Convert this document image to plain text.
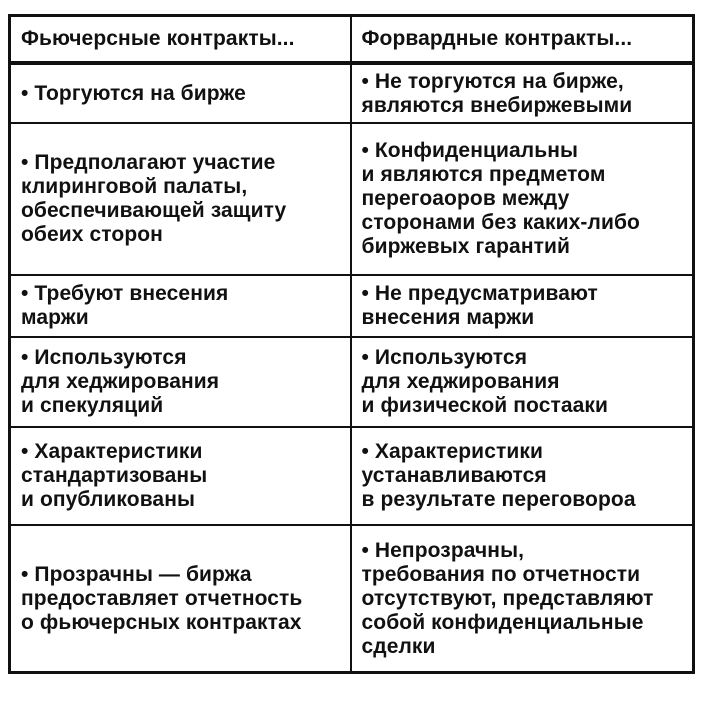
Фьючерсные контракты...	Форвардные контракты...

• Торгуются на бирже	• Не торгуются на бирже,
являются внебиржевыми

• Предполагают участие
клиринговой палаты,
обеспечивающей защиту
обеих сторон	• Конфиденциальны
и являются предметом
перегоаоров между
сторонами без каких-либо
биржевых гарантий

• Требуют внесения
маржи	• Не предусматривают
внесения маржи

• Используются
для хеджирования
и спекуляций	• Используются
для хеджирования
и физической постааки

• Характеристики
стандартизованы
и опубликованы	• Характеристики
устанавливаются
в результате переговороа

• Прозрачны — биржа
предоставляет отчетность
о фьючерсных контрактах	• Непрозрачны,
требования по отчетности
отсутствуют, представляют
собой конфиденциальные
сделки
